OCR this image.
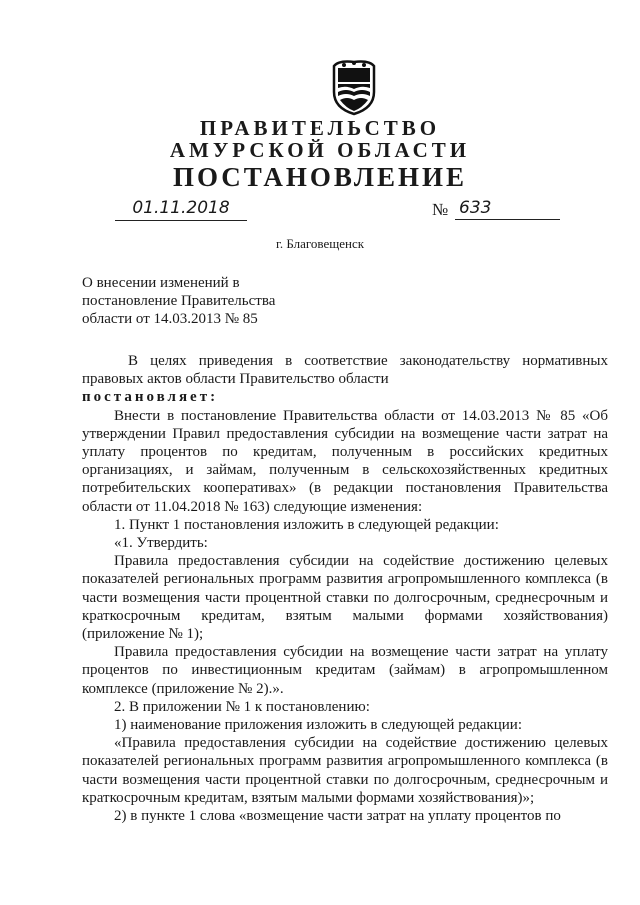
ПРАВИТЕЛЬСТВО
АМУРСКОЙ ОБЛАСТИ
ПОСТАНОВЛЕНИЕ
01.11.2018	№ 633
г. Благовещенск
О внесении изменений в
постановление Правительства
области от 14.03.2013 № 85

В целях приведения в соответствие законодательству нормативных правовых актов области Правительство области

постановляет:

Внести в постановление Правительства области от 14.03.2013 № 85 «Об утверждении Правил предоставления субсидии на возмещение части затрат на уплату процентов по кредитам, полученным в российских кредитных организациях, и займам, полученным в сельскохозяйственных кредитных потребительских кооперативах» (в редакции постановления Правительства области от 11.04.2018 № 163) следующие изменения:

1. Пункт 1 постановления изложить в следующей редакции:

«1. Утвердить:

Правила предоставления субсидии на содействие достижению целевых показателей региональных программ развития агропромышленного комплекса (в части возмещения части процентной ставки по долгосрочным, среднесрочным и краткосрочным кредитам, взятым малыми формами хозяйствования) (приложение № 1);

Правила предоставления субсидии на возмещение части затрат на уплату процентов по инвестиционным кредитам (займам) в агропромышленном комплексе (приложение № 2).».

2. В приложении № 1 к постановлению:

1) наименование приложения изложить в следующей редакции:

«Правила предоставления субсидии на содействие достижению целевых показателей региональных программ развития агропромышленного комплекса (в части возмещения части процентной ставки по долгосрочным, среднесрочным и краткосрочным кредитам, взятым малыми формами хозяйствования)»;

2) в пункте 1 слова «возмещение части затрат на уплату процентов по
